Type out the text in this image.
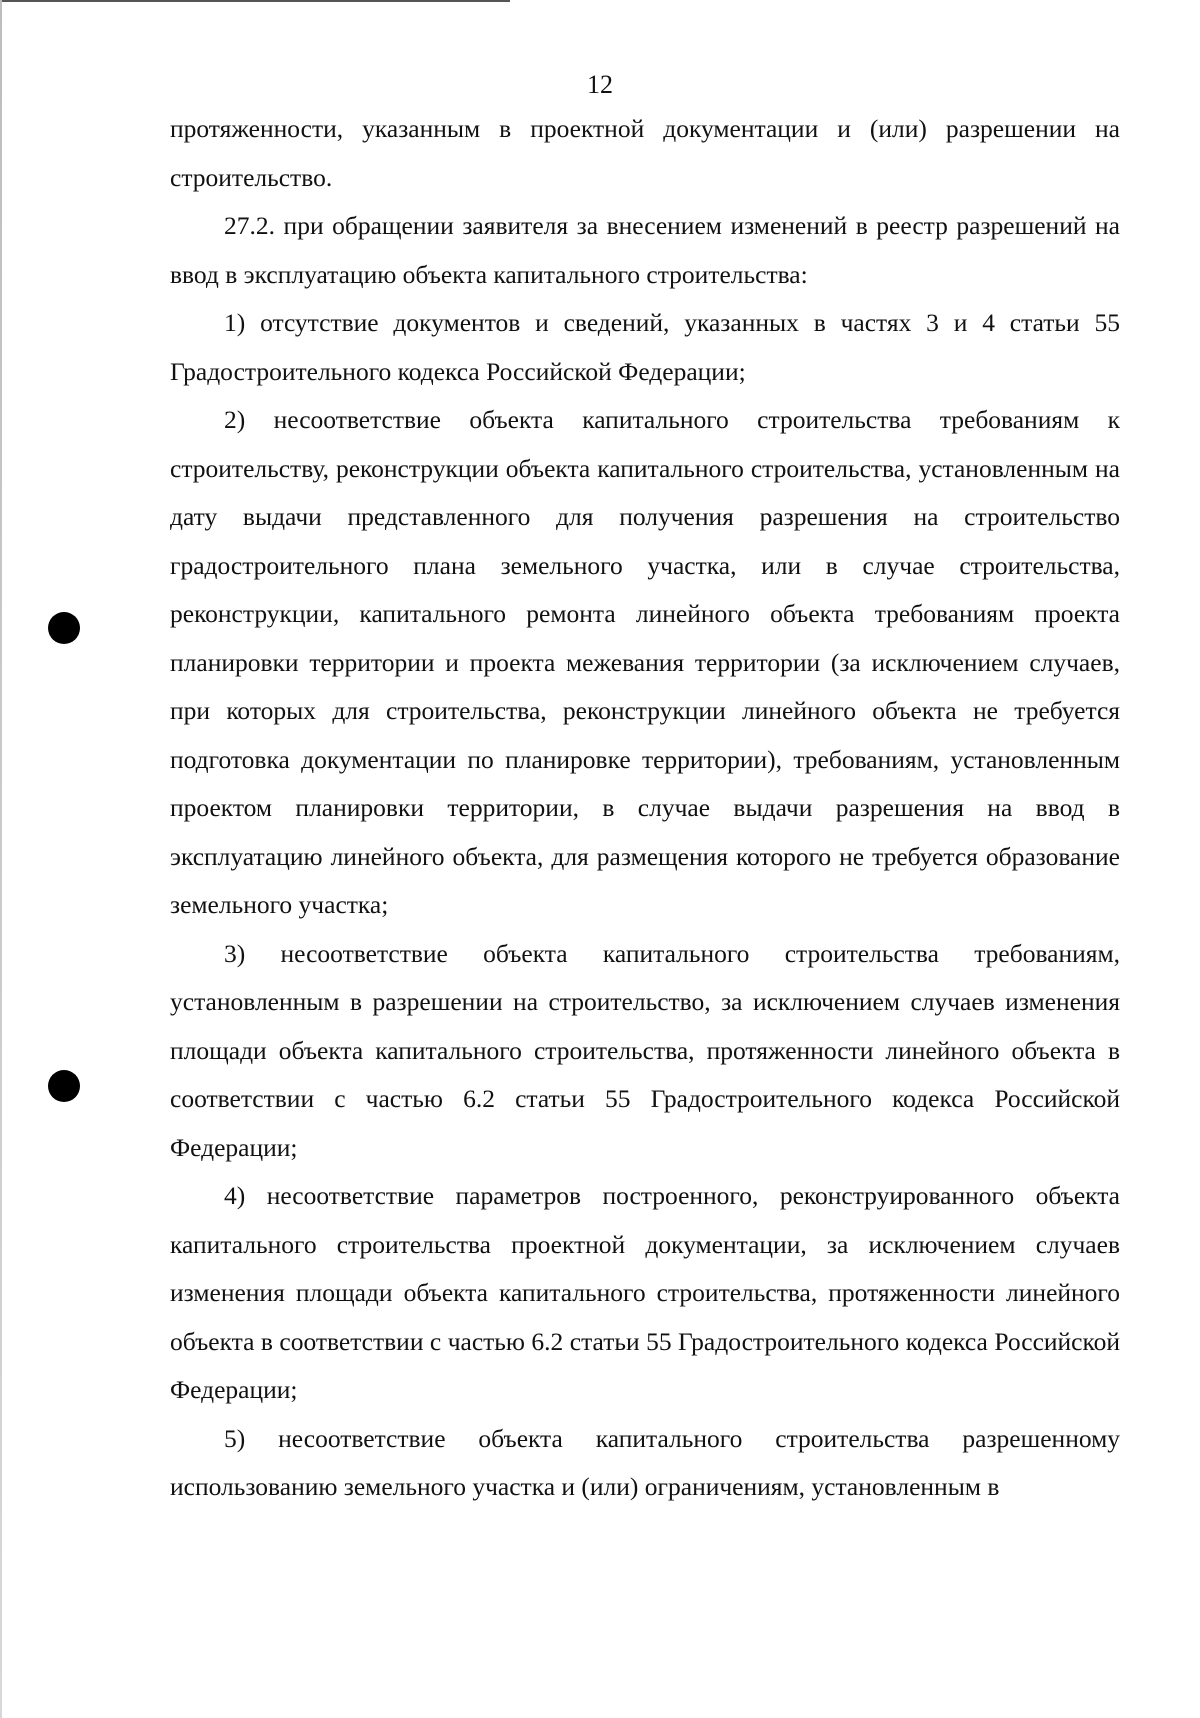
12

протяженности, указанным в проектной документации и (или) разрешении на строительство.

27.2. при обращении заявителя за внесением изменений в реестр разрешений на ввод в эксплуатацию объекта капитального строительства:

1) отсутствие документов и сведений, указанных в частях 3 и 4 статьи 55 Градостроительного кодекса Российской Федерации;

2) несоответствие объекта капитального строительства требованиям к строительству, реконструкции объекта капитального строительства, установленным на дату выдачи представленного для получения разрешения на строительство градостроительного плана земельного участка, или в случае строительства, реконструкции, капитального ремонта линейного объекта требованиям проекта планировки территории и проекта межевания территории (за исключением случаев, при которых для строительства, реконструкции линейного объекта не требуется подготовка документации по планировке территории), требованиям, установленным проектом планировки территории, в случае выдачи разрешения на ввод в эксплуатацию линейного объекта, для размещения которого не требуется образование земельного участка;

3) несоответствие объекта капитального строительства требованиям, установленным в разрешении на строительство, за исключением случаев изменения площади объекта капитального строительства, протяженности линейного объекта в соответствии с частью 6.2 статьи 55 Градостроительного кодекса Российской Федерации;

4) несоответствие параметров построенного, реконструированного объекта капитального строительства проектной документации, за исключением случаев изменения площади объекта капитального строительства, протяженности линейного объекта в соответствии с частью 6.2 статьи 55 Градостроительного кодекса Российской Федерации;

5) несоответствие объекта капитального строительства разрешенному использованию земельного участка и (или) ограничениям, установленным в
